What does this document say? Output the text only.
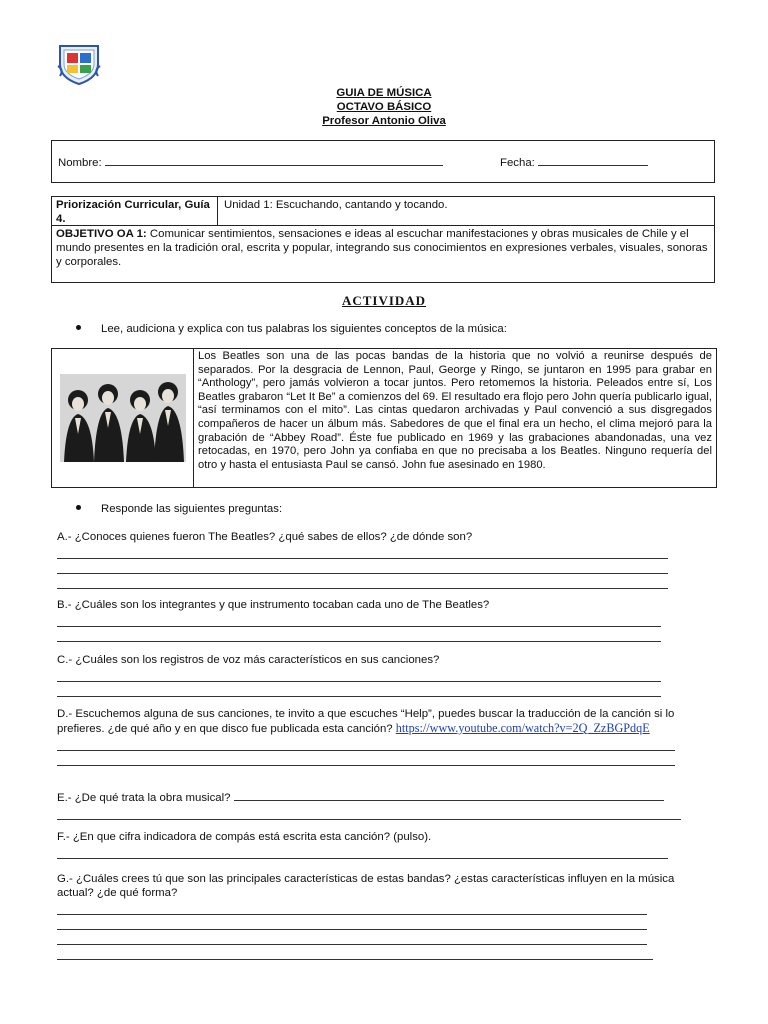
GUIA DE MÚSICA
OCTAVO BÁSICO
Profesor Antonio Oliva
Nombre:	Fecha:
Priorización Curricular, Guía 4.
Unidad 1: Escuchando, cantando y tocando.
OBJETIVO OA 1: Comunicar sentimientos, sensaciones e ideas al escuchar manifestaciones y obras musicales de Chile y el mundo presentes en la tradición oral, escrita y popular, integrando sus conocimientos en expresiones verbales, visuales, sonoras y corporales.
ACTIVIDAD
Lee, audiciona y explica con tus palabras los siguientes conceptos de la música:
Los Beatles son una de las pocas bandas de la historia que no volvió a reunirse después de separados. Por la desgracia de Lennon, Paul, George y Ringo, se juntaron en 1995 para grabar en “Anthology”, pero jamás volvieron a tocar juntos. Pero retomemos la historia. Peleados entre sí, Los Beatles grabaron “Let It Be” a comienzos del 69. El resultado era flojo pero John quería publicarlo igual, “así terminamos con el mito”. Las cintas quedaron archivadas y Paul convenció a sus disgregados compañeros de hacer un álbum más. Sabedores de que el final era un hecho, el clima mejoró para la grabación de “Abbey Road”. Éste fue publicado en 1969 y las grabaciones abandonadas, una vez retocadas, en 1970, pero John ya confiaba en que no precisaba a los Beatles. Ninguno requería del otro y hasta el entusiasta Paul se cansó. John fue asesinado en 1980.
Responde las siguientes preguntas:
A.- ¿Conoces quienes fueron The Beatles? ¿qué sabes de ellos? ¿de dónde son?
B.- ¿Cuáles son los integrantes y que instrumento tocaban cada uno de The Beatles?
C.- ¿Cuáles son los registros de voz más característicos en sus canciones?
D.- Escuchemos alguna de sus canciones, te invito a que escuches “Help”, puedes buscar la traducción de la canción si lo prefieres. ¿de qué año y en que disco fue publicada esta canción? https://www.youtube.com/watch?v=2Q_ZzBGPdqE
E.- ¿De qué trata la obra musical?
F.- ¿En que cifra indicadora de compás está escrita esta canción? (pulso).
G.- ¿Cuáles crees tú que son las principales características de estas bandas? ¿estas características influyen en la música actual? ¿de qué forma?
